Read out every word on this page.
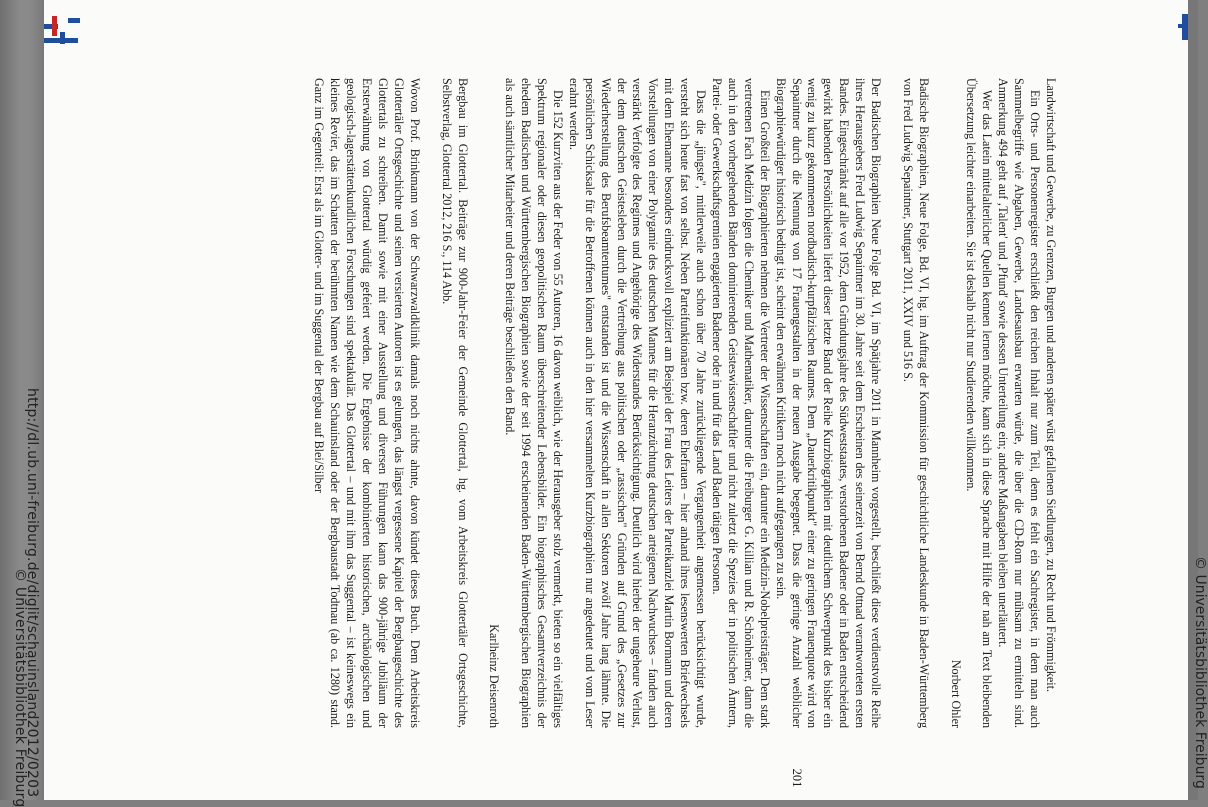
http://dl.ub.uni-freiburg.de/diglit/schauinsland2012/0203
© Universitätsbibliothek Freiburg	© Universitätsbibliothek Freiburg

Landwirtschaft und Gewerbe, zu Grenzen, Burgen und anderen später wüst gefallenen Siedlungen, zu Recht und Frömmigkeit.

Ein Orts- und Personenregister erschließt den reichen Inhalt nur zum Teil, denn es fehlt ein Sachregister, in dem man auch Sammelbegriffe wie Abgaben, Gewerbe, Landesausbau erwarten würde, die über die CD-Rom nur mühsam zu ermitteln sind. Anmerkung 494 geht auf ‚Talent' und ‚Pfund' sowie dessen Unterteilung ein; andere Maßangaben bleiben unerläutert.

Wer das Latein mittelalterlicher Quellen kennen lernen möchte, kann sich in diese Sprache mit Hilfe der nah am Text bleibenden Übersetzung leichter einarbeiten. Sie ist deshalb nicht nur Studierenden willkommen.

Norbert Ohler

Badische Biographien, Neue Folge, Bd. VI, hg. im Auftrag der Kommission für geschichtliche Landeskunde in Baden-Württemberg von Fred Ludwig Sepaintner, Stuttgart 2011, XXIV und 516 S.

Der Badischen Biographien Neue Folge Bd. VI, im Spätjahre 2011 in Mannheim vorgestellt, beschließt diese verdienstvolle Reihe ihres Herausgebers Fred Ludwig Sepaintner im 30. Jahre seit dem Erscheinen des seinerzeit von Bernd Ottnad verantworteten ersten Bandes. Eingeschränkt auf alle vor 1952, dem Gründungsjahre des Südweststaates, verstorbenen Badener oder in Baden entscheidend gewirkt habenden Persönlichkeiten liefert dieser letzte Band der Reihe Kurzbiographien mit deutlichem Schwerpunkt des bisher ein wenig zu kurz gekommenen nordbadisch-kurpfälzischen Raumes. Dem „Dauerkritikpunkt" einer zu geringen Frauenquote wird von Sepaintner durch die Nennung von 17 Frauengestalten in der neuen Ausgabe begegnet. Dass die geringe Anzahl weiblicher Biographiewürdiger historisch bedingt ist, scheint den erwähnten Kritikern noch nicht aufgegangen zu sein.

Einen Großteil der Biographierten nehmen die Vertreter der Wissenschaften ein, darunter ein Medizin-Nobelpreisträger. Dem stark vertretenen Fach Medizin folgen die Chemiker und Mathematiker, darunter die Freiburger G. Killian und R. Schönheimer, dann die auch in den vorhergehenden Bänden dominierenden Geisteswissenschaftler und nicht zuletzt die Spezies der in politischen Ämtern, Partei- oder Gewerkschaftsgremien engagierten Badener oder in und für das Land Baden tätigen Personen.

Dass die „jüngste", mittlerweile auch schon über 70 Jahre zurückliegende Vergangenheit angemessen berücksichtigt wurde, versteht sich heute fast von selbst. Neben Parteifunktionären bzw. deren Ehefrauen – hier anhand ihres lesenswerten Briefwechsels mit dem Ehemanne besonders eindrucksvoll expliziert am Beispiel der Frau des Leiters der Parteikanzlei Martin Bormann und deren Vorstellungen von einer Polygamie des deutschen Mannes für die Heranzüchtung deutschen arteigenen Nachwuchses – fanden auch verstärkt Verfolgte des Regimes und Angehörige des Widerstandes Berücksichtigung. Deutlich wird hierbei der ungeheure Verlust, der dem deutschen Geistesleben durch die Vertreibung aus politischen oder „rassischen" Gründen auf Grund des „Gesetzes zur Wiederherstellung des Berufsbeamtentumes" entstanden ist und die Wissenschaft in allen Sektoren zwölf Jahre lang lähmte. Die persönlichen Schicksale für die Betroffenen können auch in den hier versammelten Kurzbiographien nur angedeutet und vom Leser erahnt werden.

Die 152 Kurzviten aus der Feder von 55 Autoren, 16 davon weiblich, wie der Herausgeber stolz vermerkt, bieten so ein vielfältiges Spektrum regionaler oder diesen geopolitischen Raum überschreitender Lebensbilder. Ein biographisches Gesamtverzeichnis der ehedem Badischen und Württembergischen Biographien sowie der seit 1994 erscheinenden Baden-Württembergischen Biographien als auch sämtlicher Mitarbeiter und deren Beiträge beschließen den Band.

Karlheinz Deisenroth

Bergbau im Glottertal. Beiträge zur 900-Jahr-Feier der Gemeinde Glottertal, hg. vom Arbeitskreis Glottertäler Ortsgeschichte, Selbstverlag, Glottertal 2012, 216 S., 114 Abb.

Wovon Prof. Brinkmann von der Schwarzwaldklinik damals noch nichts ahnte, davon kündet dieses Buch. Dem Arbeitskreis Glottertäler Ortsgeschichte und seinen versierten Autoren ist es gelungen, das längst vergessene Kapitel der Bergbaugeschichte des Glottertals zu schreiben. Damit sowie mit einer Ausstellung und diversen Führungen kann das 900-jährige Jubiläum der Ersterwähnung von Glottertal würdig gefeiert werden. Die Ergebnisse der kombinierten historischen, archäologischen und geologisch-lagerstättenkundlichen Forschungen sind spektakulär. Das Glottertal – und mit ihm das Suggental – ist keineswegs ein kleines Revier, das im Schatten der berühmten Namen wie dem Schauinsland oder der Bergbaustadt Todtnau (ab ca. 1280) stand. Ganz im Gegenteil: Erst als im Glotter- und im Suggental der Bergbau auf Blei/Silber

201
